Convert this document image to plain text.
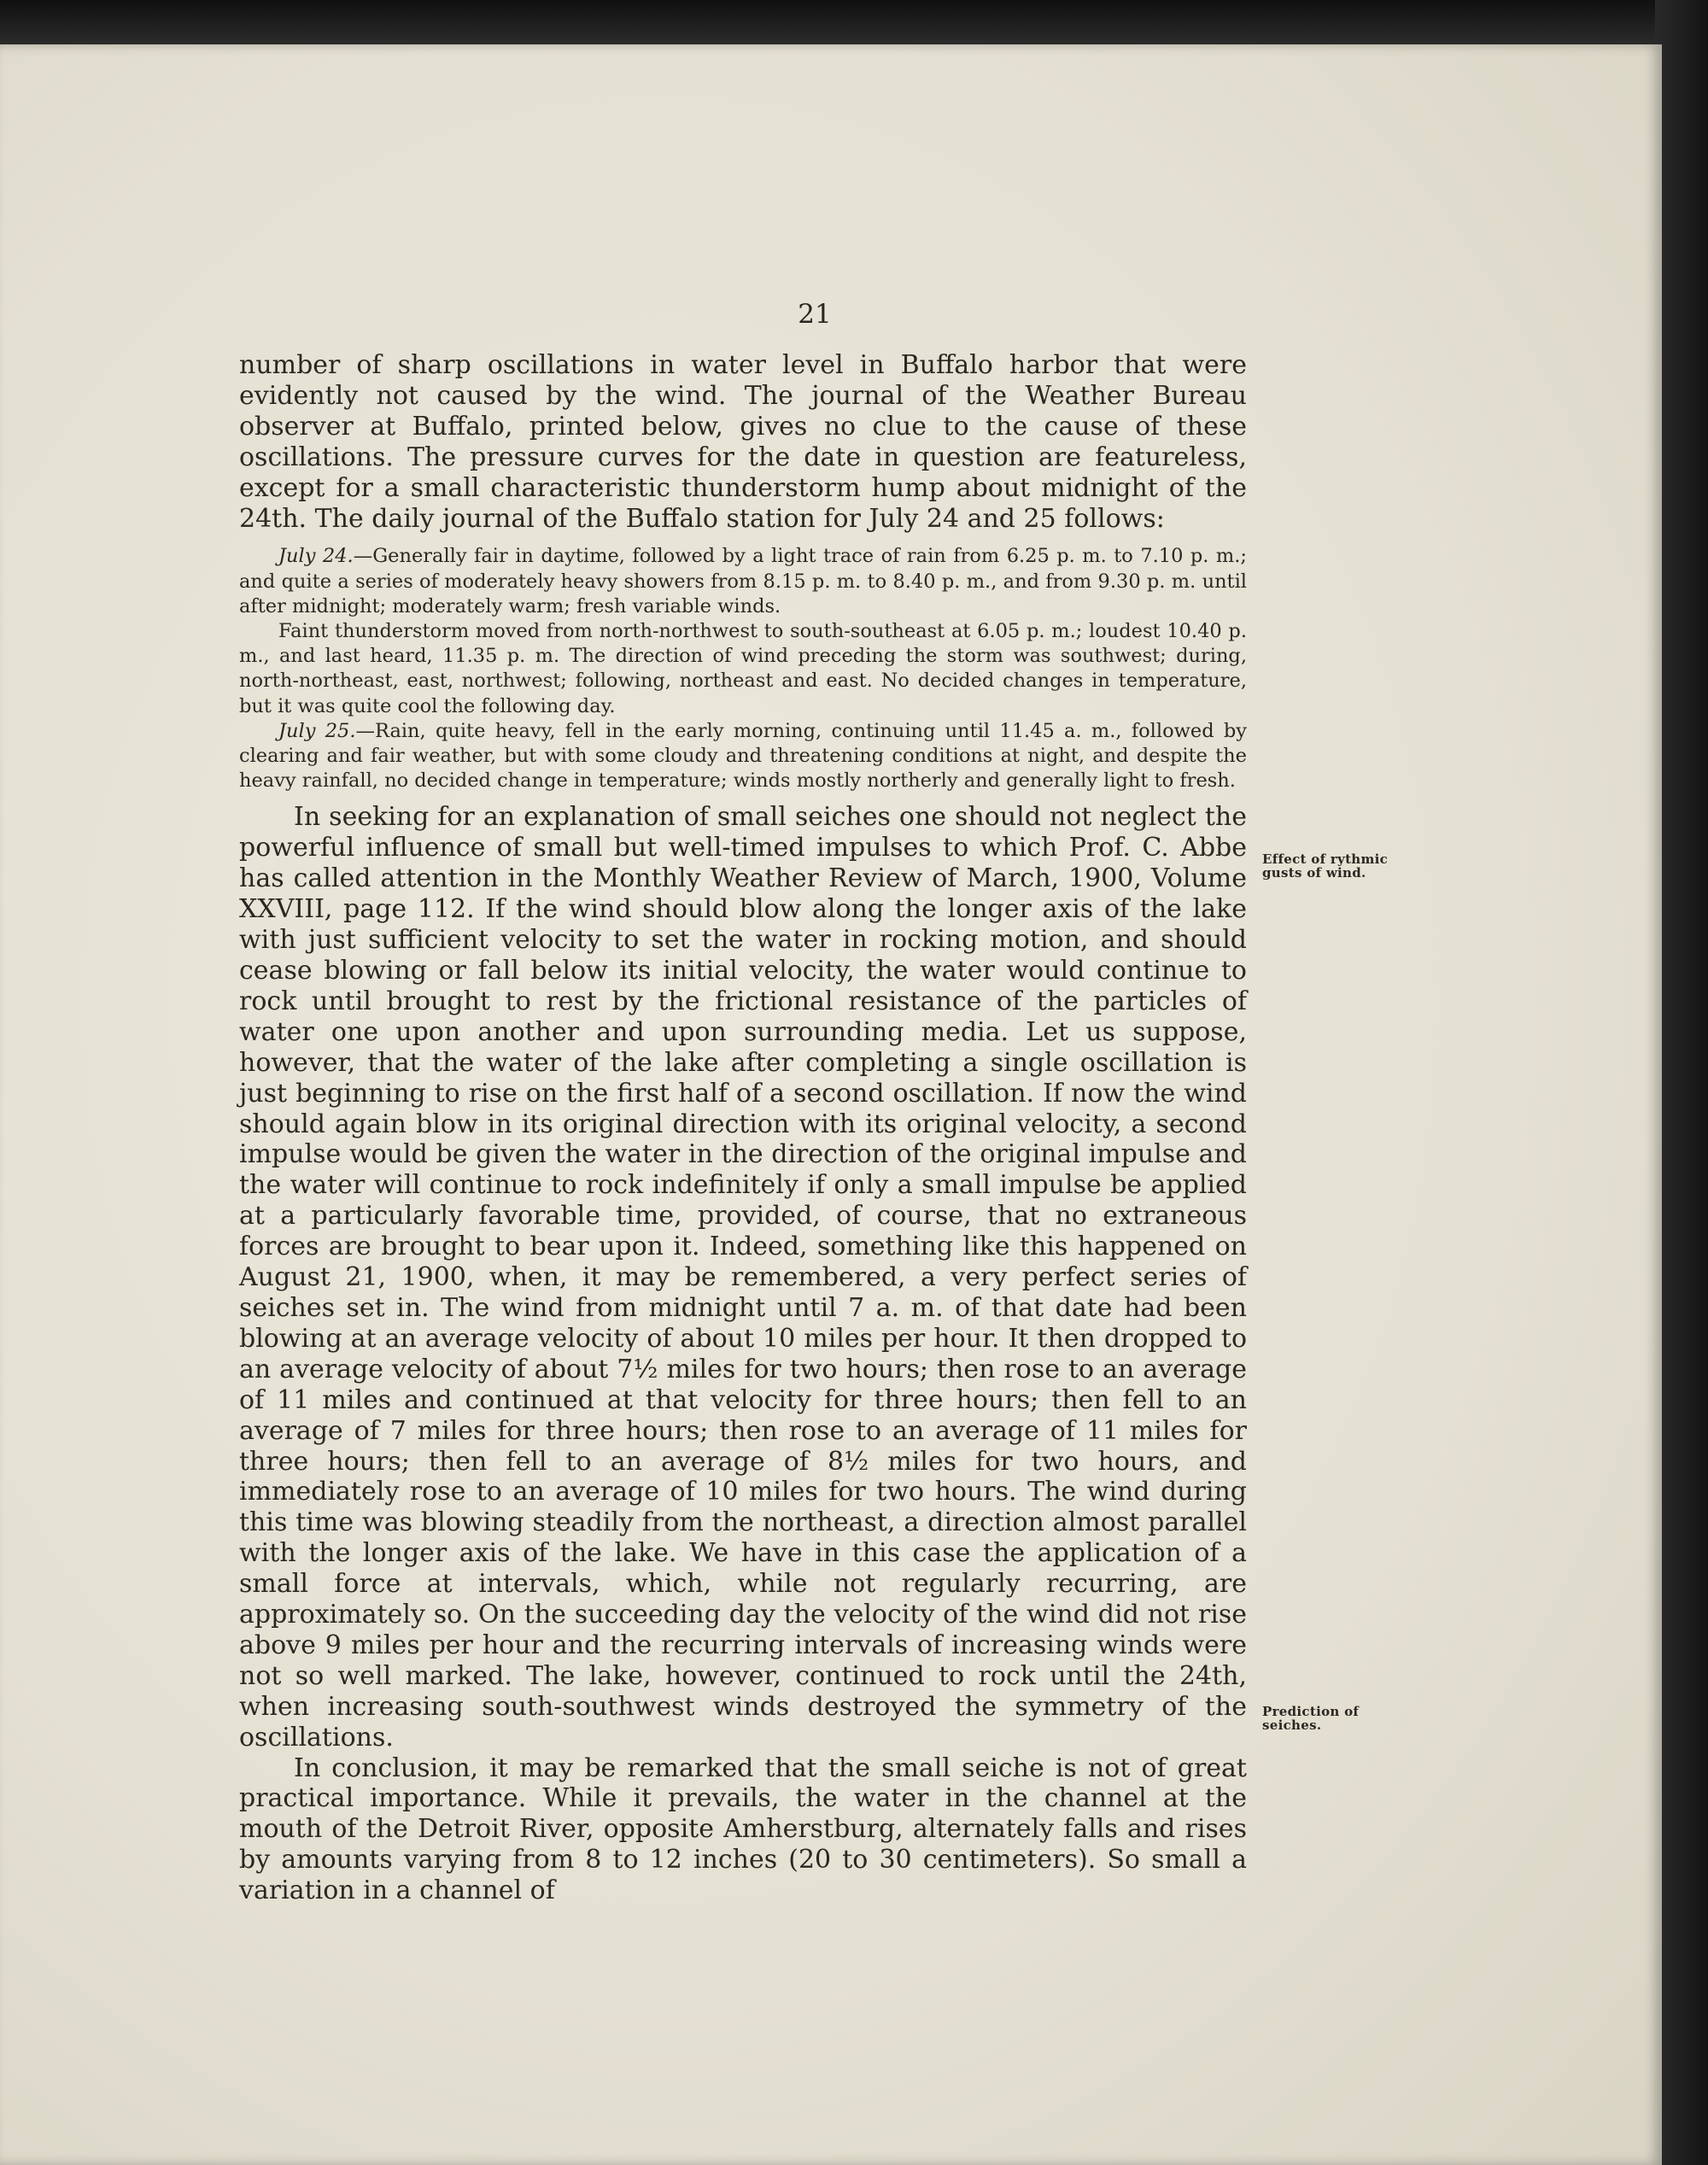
21

number of sharp oscillations in water level in Buffalo harbor that were evidently not caused by the wind. The journal of the Weather Bureau observer at Buffalo, printed below, gives no clue to the cause of these oscillations. The pressure curves for the date in question are featureless, except for a small characteristic thunderstorm hump about midnight of the 24th. The daily journal of the Buffalo station for July 24 and 25 follows:

July 24.—Generally fair in daytime, followed by a light trace of rain from 6.25 p. m. to 7.10 p. m.; and quite a series of moderately heavy showers from 8.15 p. m. to 8.40 p. m., and from 9.30 p. m. until after midnight; moderately warm; fresh variable winds.

Faint thunderstorm moved from north-northwest to south-southeast at 6.05 p. m.; loudest 10.40 p. m., and last heard, 11.35 p. m. The direction of wind preceding the storm was southwest; during, north-northeast, east, northwest; following, northeast and east. No decided changes in temperature, but it was quite cool the following day.

July 25.—Rain, quite heavy, fell in the early morning, continuing until 11.45 a. m., followed by clearing and fair weather, but with some cloudy and threatening conditions at night, and despite the heavy rainfall, no decided change in temperature; winds mostly northerly and generally light to fresh.

In seeking for an explanation of small seiches one should not neglect the powerful influence of small but well-timed impulses to which Prof. C. Abbe has called attention in the Monthly Weather Review of March, 1900, Volume XXVIII, page 112. If the wind should blow along the longer axis of the lake with just sufficient velocity to set the water in rocking motion, and should cease blowing or fall below its initial velocity, the water would continue to rock until brought to rest by the frictional resistance of the particles of water one upon another and upon surrounding media. Let us suppose, however, that the water of the lake after completing a single oscillation is just beginning to rise on the first half of a second oscillation. If now the wind should again blow in its original direction with its original velocity, a second impulse would be given the water in the direction of the original impulse and the water will continue to rock indefinitely if only a small impulse be applied at a particularly favorable time, provided, of course, that no extraneous forces are brought to bear upon it. Indeed, something like this happened on August 21, 1900, when, it may be remembered, a very perfect series of seiches set in. The wind from midnight until 7 a. m. of that date had been blowing at an average velocity of about 10 miles per hour. It then dropped to an average velocity of about 7½ miles for two hours; then rose to an average of 11 miles and continued at that velocity for three hours; then fell to an average of 7 miles for three hours; then rose to an average of 11 miles for three hours; then fell to an average of 8½ miles for two hours, and immediately rose to an average of 10 miles for two hours. The wind during this time was blowing steadily from the northeast, a direction almost parallel with the longer axis of the lake. We have in this case the application of a small force at intervals, which, while not regularly recurring, are approximately so. On the succeeding day the velocity of the wind did not rise above 9 miles per hour and the recurring intervals of increasing winds were not so well marked. The lake, however, continued to rock until the 24th, when increasing south-southwest winds destroyed the symmetry of the oscillations.

In conclusion, it may be remarked that the small seiche is not of great practical importance. While it prevails, the water in the channel at the mouth of the Detroit River, opposite Amherstburg, alternately falls and rises by amounts varying from 8 to 12 inches (20 to 30 centimeters). So small a variation in a channel of

Effect of rythmic gusts of wind.
Prediction of seiches.
